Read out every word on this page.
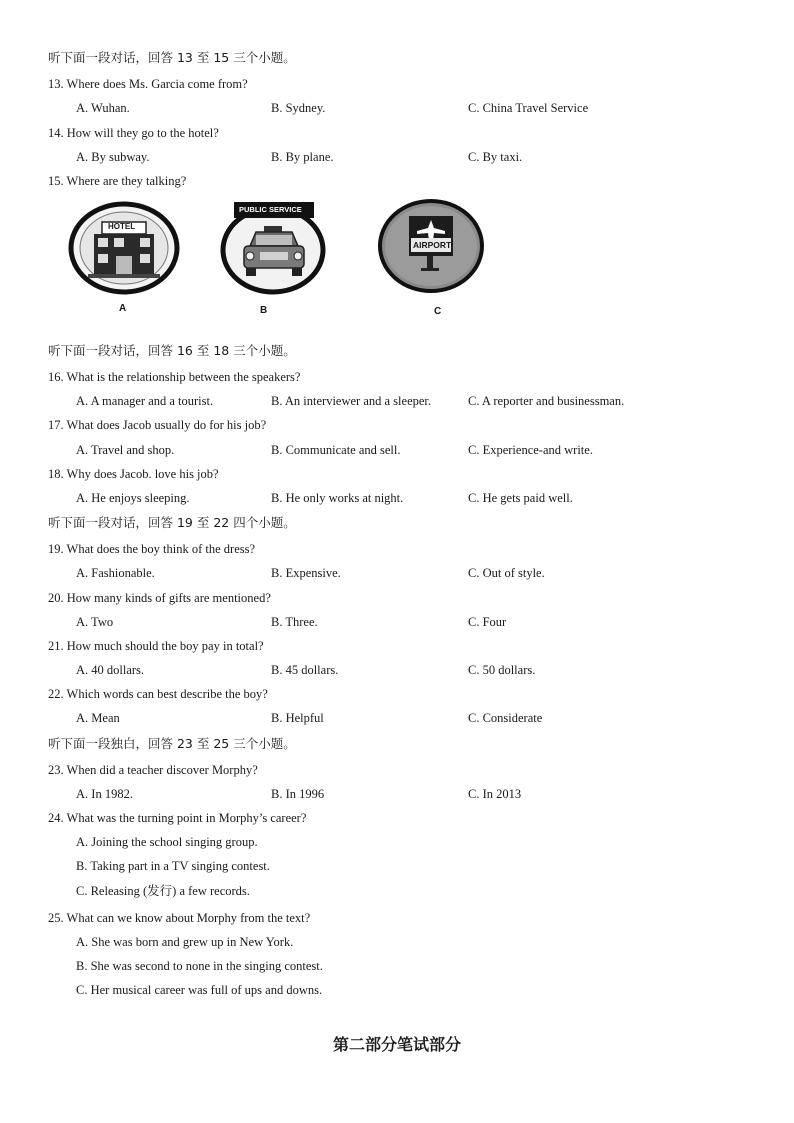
听下面一段对话，回答 13 至 15 三个小题。
13. Where does Ms. Garcia come from?
A. Wuhan.	B. Sydney.	C. China Travel Service
14. How will they go to the hotel?
A. By subway.	B. By plane.	C. By taxi.
15. Where are they talking?
HOTEL
A
PUBLIC SERVICE
B
AIRPORT
C
听下面一段对话，回答 16 至 18 三个小题。
16. What is the relationship between the speakers?
A. A manager and a tourist.	B. An interviewer and a sleeper.	C. A reporter and businessman.
17. What does Jacob usually do for his job?
A. Travel and shop.	B. Communicate and sell.	C. Experience-and write.
18. Why does Jacob. love his job?
A. He enjoys sleeping.	B. He only works at night.	C. He gets paid well.
听下面一段对话，回答 19 至 22 四个小题。
19. What does the boy think of the dress?
A. Fashionable.	B. Expensive.	C. Out of style.
20. How many kinds of gifts are mentioned?
A. Two	B. Three.	C. Four
21. How much should the boy pay in total?
A. 40 dollars.	B. 45 dollars.	C. 50 dollars.
22. Which words can best describe the boy?
A. Mean	B. Helpful	C. Considerate
听下面一段独白，回答 23 至 25 三个小题。
23. When did a teacher discover Morphy?
A. In 1982.	B. In 1996	C. In 2013
24. What was the turning point in Morphy’s career?
A. Joining the school singing group.
B. Taking part in a TV singing contest.
C. Releasing (发行) a few records.
25. What can we know about Morphy from the text?
A. She was born and grew up in New York.
B. She was second to none in the singing contest.
C. Her musical career was full of ups and downs.
第二部分笔试部分
